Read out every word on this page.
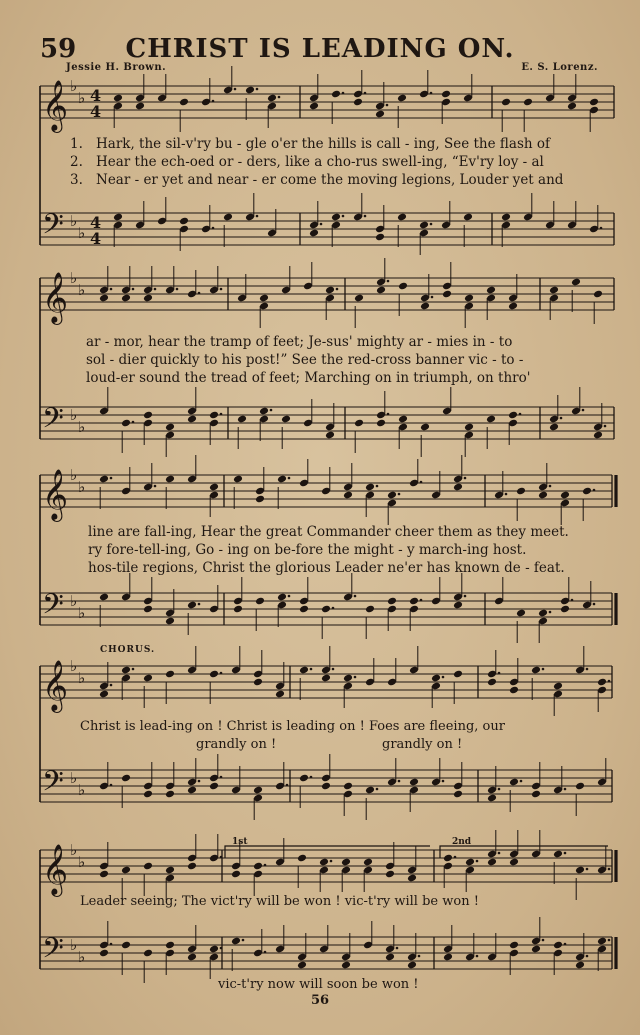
59	CHRIST IS LEADING ON.
Jessie H. Brown.	E. S. Lorenz.
𝄞
𝄢
♭
♭
♭
♭
4
4
4
4
𝄞
𝄢
♭
♭
♭
♭
𝄞
𝄢
♭
♭
♭
♭
𝄞
𝄢
♭
♭
♭
♭
𝄞
𝄢
♭
♭
♭
♭
1. Hark, the sil-v'ry bu - gle o'er the hills is call - ing, See the flash of
2. Hear the ech-oed or - ders, like a cho-rus swell-ing, “Ev'ry loy - al
3. Near - er yet and near - er come the moving legions, Louder yet and
ar - mor, hear the tramp of feet; Je-sus' mighty ar - mies in - to
sol - dier quickly to his post!” See the red-cross banner vic - to -
loud-er sound the tread of feet; Marching on in triumph, on thro'
line are fall-ing, Hear the great Commander cheer them as they meet.
ry fore-tell-ing, Go - ing on be-fore the might - y march-ing host.
hos-tile regions, Christ the glorious Leader ne'er has known de - feat.
CHORUS.
Christ is lead-ing on ! Christ is leading on ! Foes are fleeing, our
grandly on !	grandly on !
Leader seeing; The vict'ry will be won ! vic-t'ry will be won !
1st	2nd
vic-t'ry now will soon be won !
56
